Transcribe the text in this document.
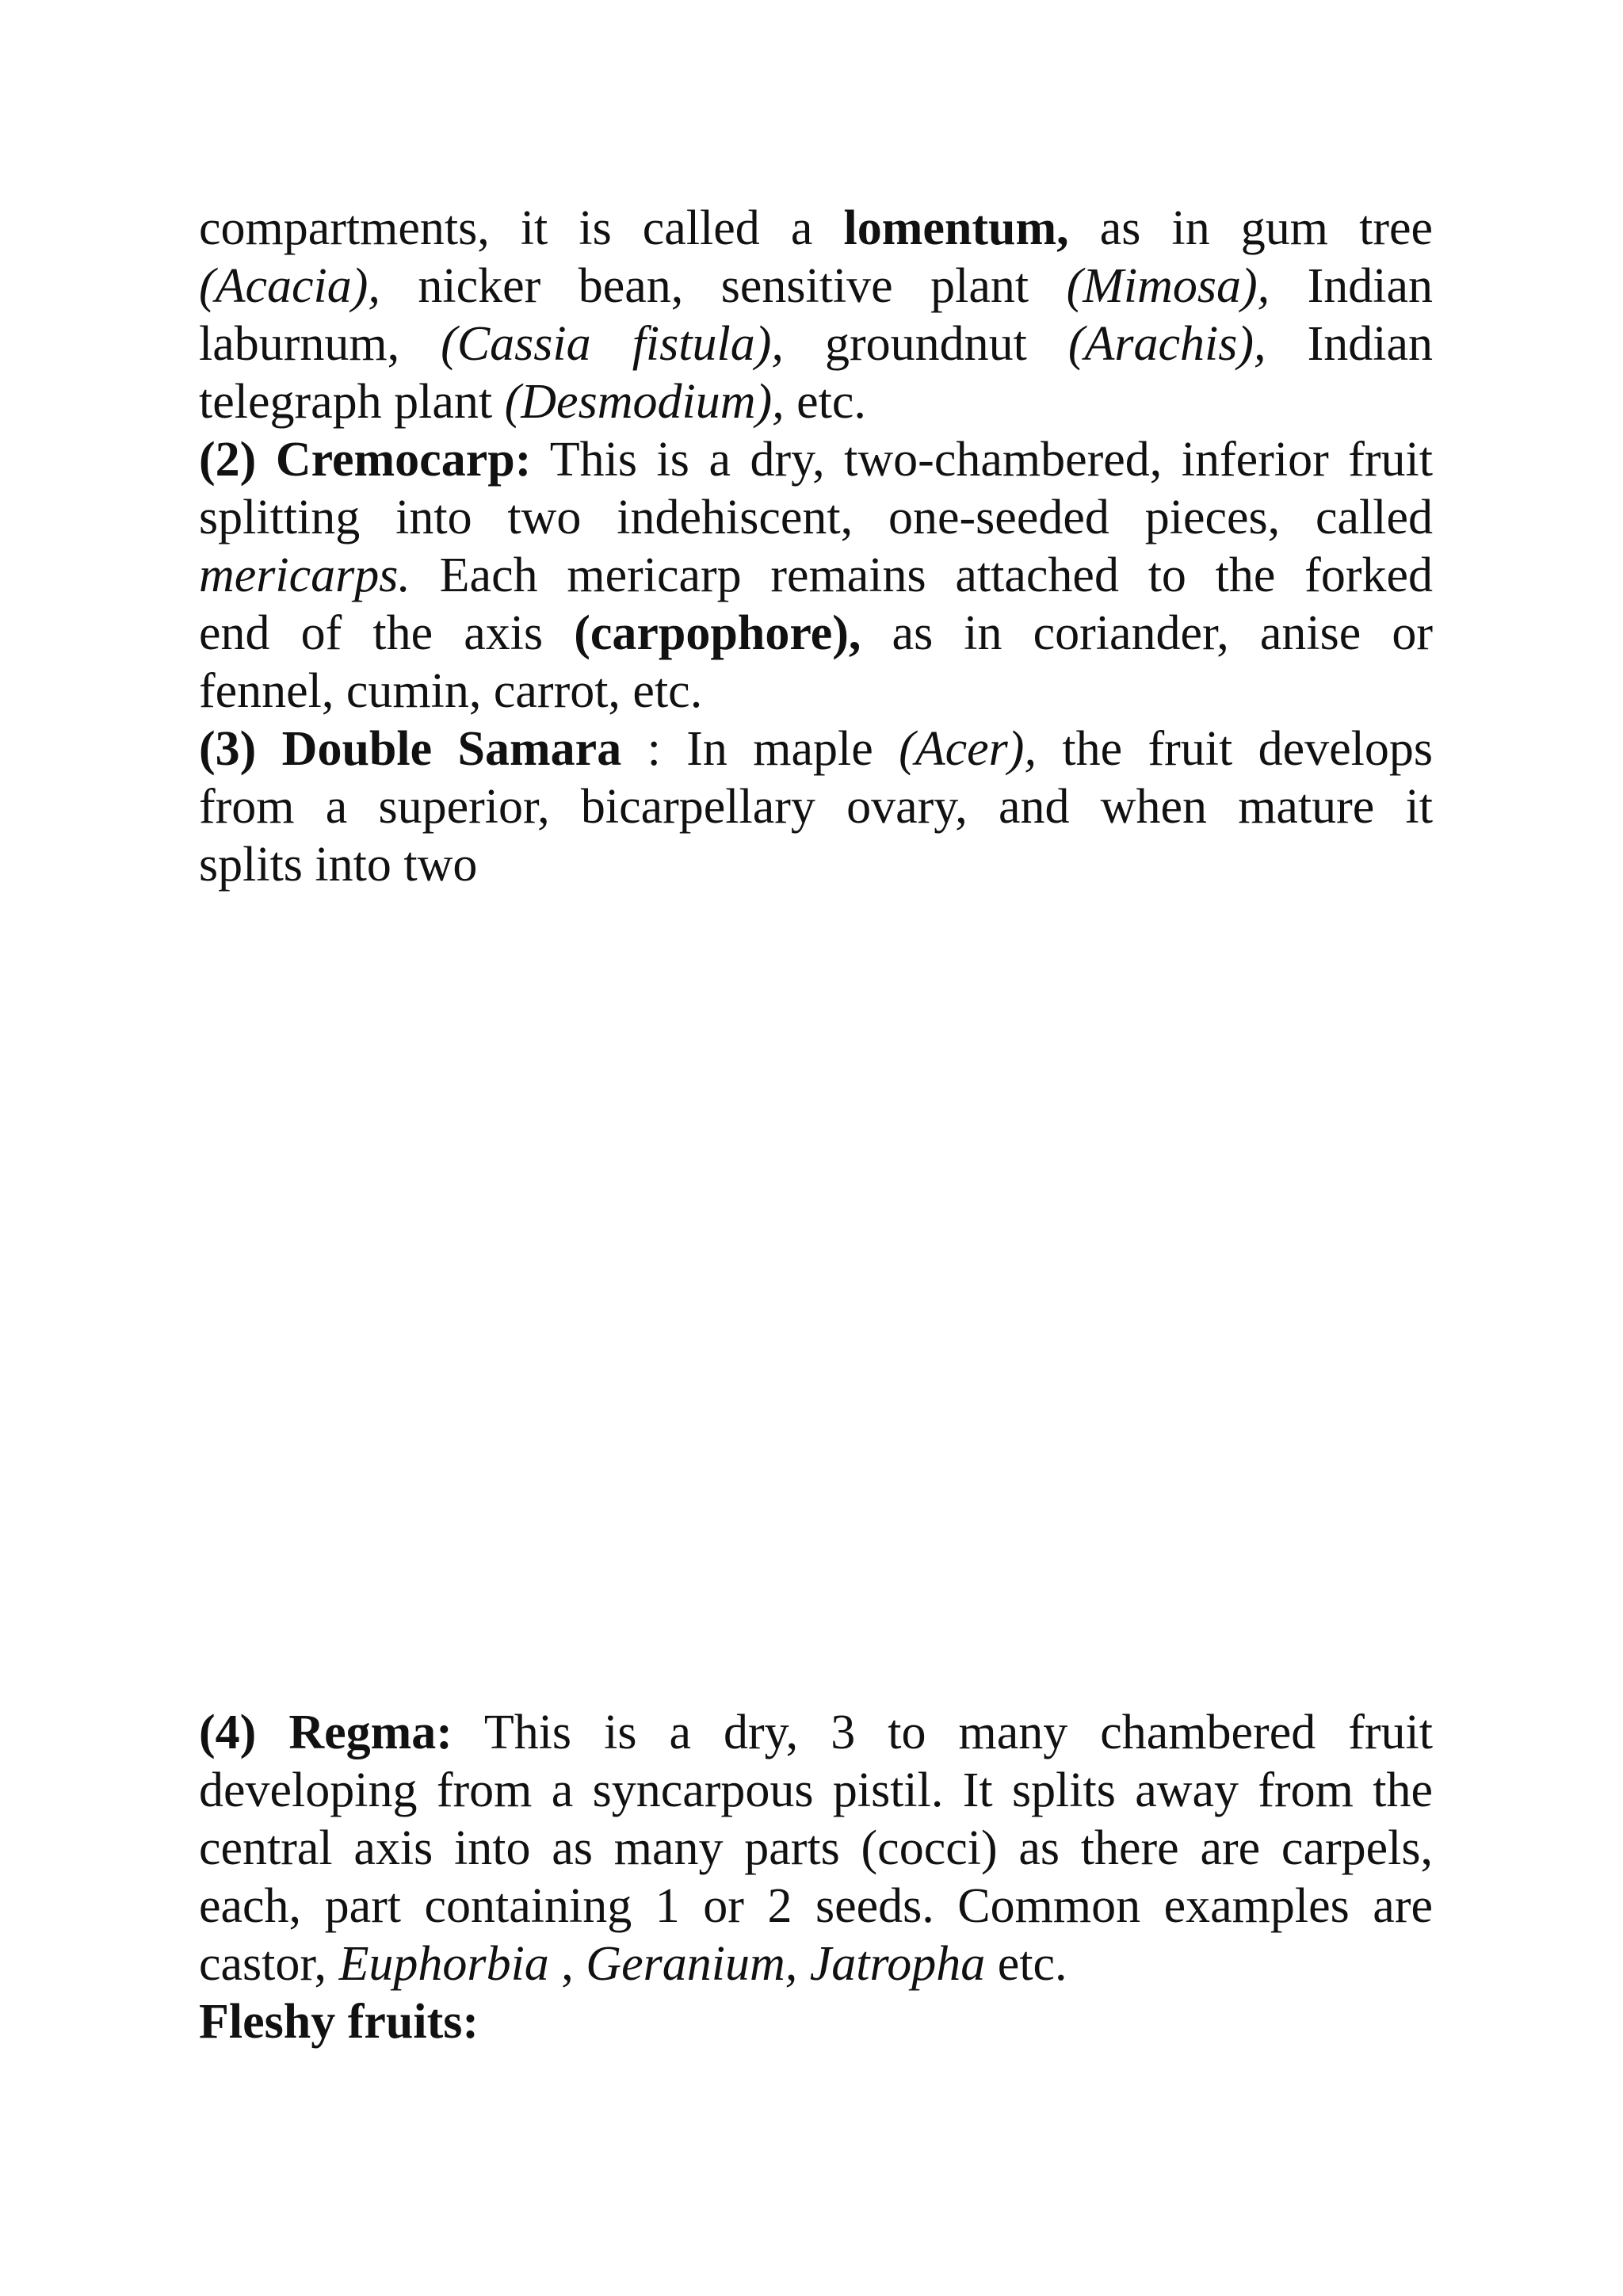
compartments, it is called a lomentum, as in gum tree
(Acacia), nicker bean, sensitive plant (Mimosa), Indian
laburnum, (Cassia fistula), groundnut (Arachis), Indian
telegraph plant (Desmodium), etc.
(2) Cremocarp: This is a dry, two-chambered, inferior fruit
splitting into two indehiscent, one-seeded pieces, called
mericarps. Each mericarp remains attached to the forked
end of the axis (carpophore), as in coriander, anise or
fennel, cumin, carrot, etc.
(3) Double Samara : In maple (Acer), the fruit develops
from a superior, bicarpellary ovary, and when mature it
splits into two
(4) Regma: This is a dry, 3 to many chambered fruit
developing from a syncarpous pistil. It splits away from the
central axis into as many parts (cocci) as there are carpels,
each, part containing 1 or 2 seeds. Common examples are
castor, Euphorbia , Geranium, Jatropha etc.
Fleshy fruits:
